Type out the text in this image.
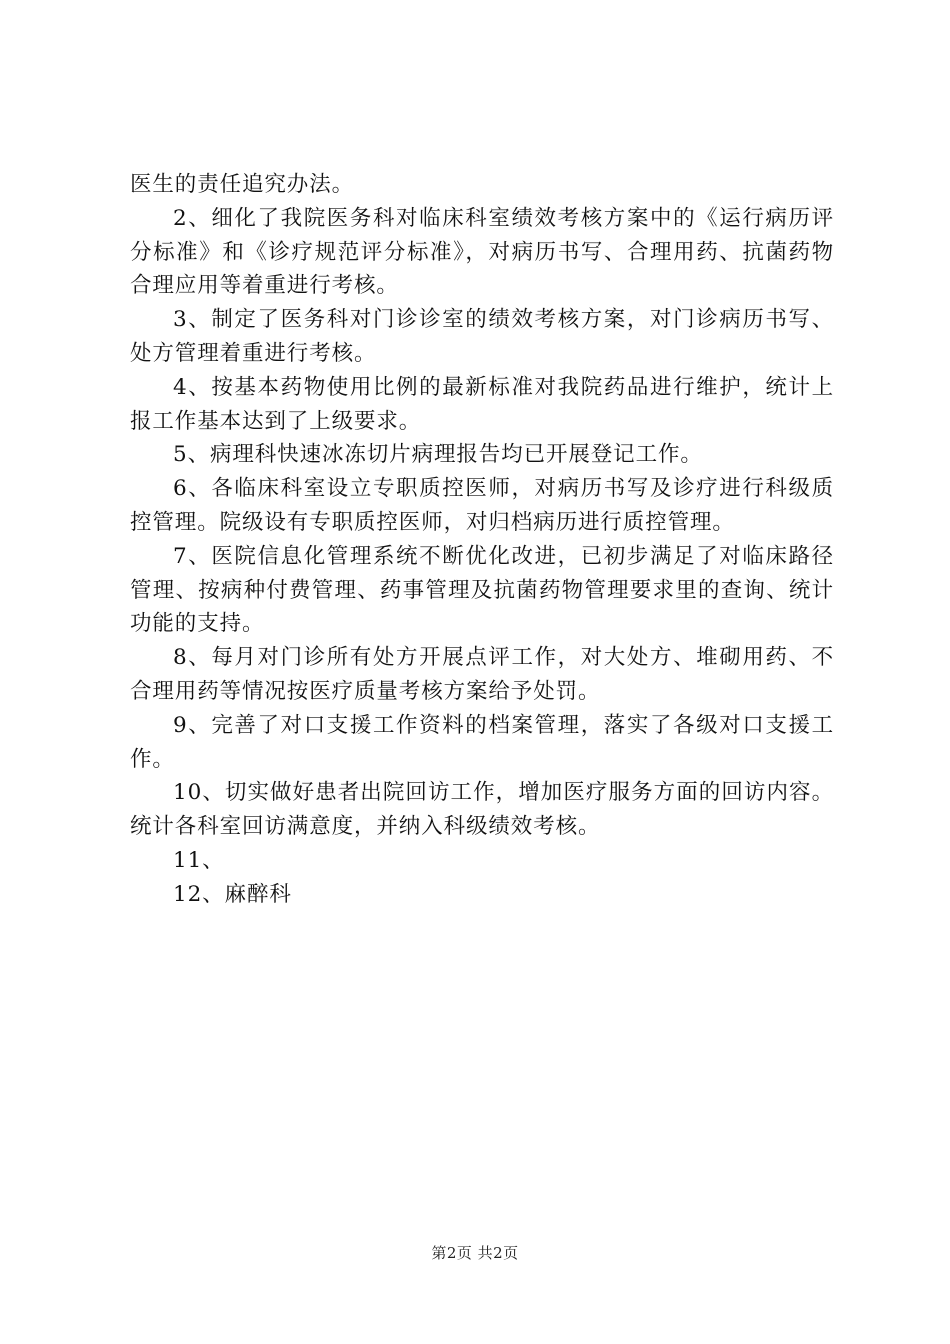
医生的责任追究办法。

2、细化了我院医务科对临床科室绩效考核方案中的《运行病历评分标准》和《诊疗规范评分标准》，对病历书写、合理用药、抗菌药物合理应用等着重进行考核。

3、制定了医务科对门诊诊室的绩效考核方案，对门诊病历书写、处方管理着重进行考核。

4、按基本药物使用比例的最新标准对我院药品进行维护，统计上报工作基本达到了上级要求。

5、病理科快速冰冻切片病理报告均已开展登记工作。

6、各临床科室设立专职质控医师，对病历书写及诊疗进行科级质控管理。院级设有专职质控医师，对归档病历进行质控管理。

7、医院信息化管理系统不断优化改进，已初步满足了对临床路径管理、按病种付费管理、药事管理及抗菌药物管理要求里的查询、统计功能的支持。

8、每月对门诊所有处方开展点评工作，对大处方、堆砌用药、不合理用药等情况按医疗质量考核方案给予处罚。

9、完善了对口支援工作资料的档案管理，落实了各级对口支援工作。

10、切实做好患者出院回访工作，增加医疗服务方面的回访内容。统计各科室回访满意度，并纳入科级绩效考核。

11、

12、麻醉科

第2页 共2页
